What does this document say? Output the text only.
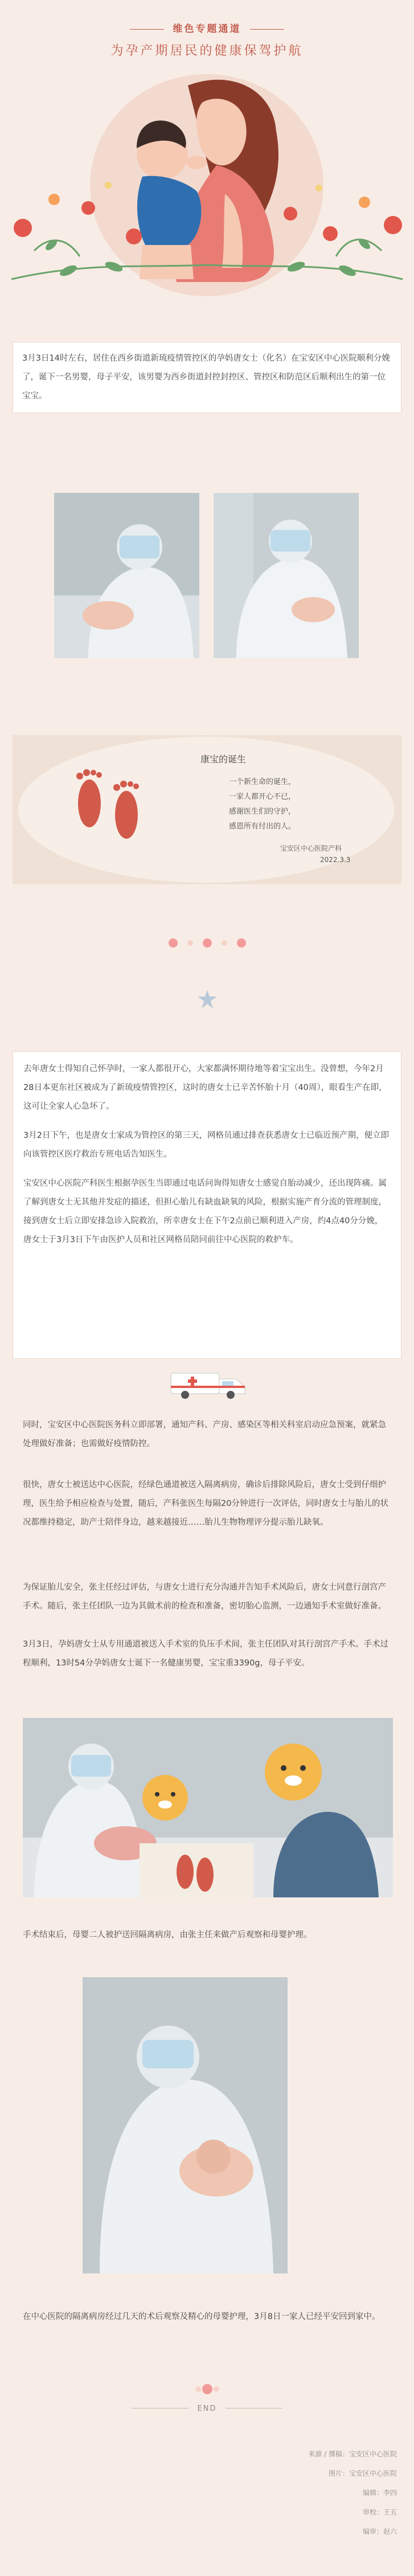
维色专题通道
为孕产期居民的健康保驾护航

3月3日14时左右，居住在西乡街道新琉疫情管控区的孕妈唐女士（化名）在宝安区中心医院顺利分娩了，诞下一名男婴，母子平安，该男婴为西乡街道封控封控区、管控区和防范区后顺利出生的第一位宝宝。

康宝的诞生
一个新生命的诞生，
一家人都开心不已，
感谢医生们的守护，
感恩所有付出的人。
宝安区中心医院产科
2022.3.3

去年唐女士得知自己怀孕时，一家人都很开心，大家都满怀期待地等着宝宝出生。没曾想，今年2月28日本更东社区被成为了新琉疫情管控区，这时的唐女士已辛苦怀胎十月（40周），眼看生产在即，这可让全家人心急坏了。

3月2日下午，也是唐女士家成为管控区的第三天，网格员通过排查获悉唐女士已临近预产期，便立即向该管控区医疗救治专班电话告知医生。

宝安区中心医院产科医生根据孕医生当即通过电话问询得知唐女士感觉自胎动减少，还出现阵痛。属了解到唐女士无其他并发症的描述，但担心胎儿有缺血缺氧的风险，根据实施产育分流的管理制度，接到唐女士后立即安排急诊入院救治，所幸唐女士在下午2点前已顺利进入产房，约4点40分分娩，唐女士于3月3日下午由医护人员和社区网格员陪同前往中心医院的救护车。

同时，宝安区中心医院医务科立即部署，通知产科、产房、感染区等相关科室启动应急预案，就紧急处理做好准备；也需做好疫情防控。

很快，唐女士被送达中心医院，经绿色通道被送入隔离病房，确诊后排除风险后，唐女士受到仔细护理，医生给予相应检查与处置，随后，产科张医生每隔20分钟进行一次评估，同时唐女士与胎儿的状况都维持稳定，助产士陪伴身边，越来越接近……胎儿生物物理评分提示胎儿缺氧。

为保证胎儿安全，张主任经过评估，与唐女士进行充分沟通并告知手术风险后，唐女士同意行剖宫产手术。随后，张主任团队一边为其做术前的检查和准备，密切胎心监测，一边通知手术室做好准备。

3月3日，孕妈唐女士从专用通道被送入手术室的负压手术间，张主任团队对其行剖宫产手术。手术过程顺利，13时54分孕妈唐女士诞下一名健康男婴，宝宝重3390g，母子平安。

手术结束后，母婴二人被护送回隔离病房，由张主任来做产后观察和母婴护理。

在中心医院的隔离病房经过几天的术后观察及精心的母婴护理，3月8日一家人已经平安回到家中。

END
来源 / 撰稿：宝安区中心医院
图片：宝安区中心医院
编辑：李四
审校：王五
编审：赵六
